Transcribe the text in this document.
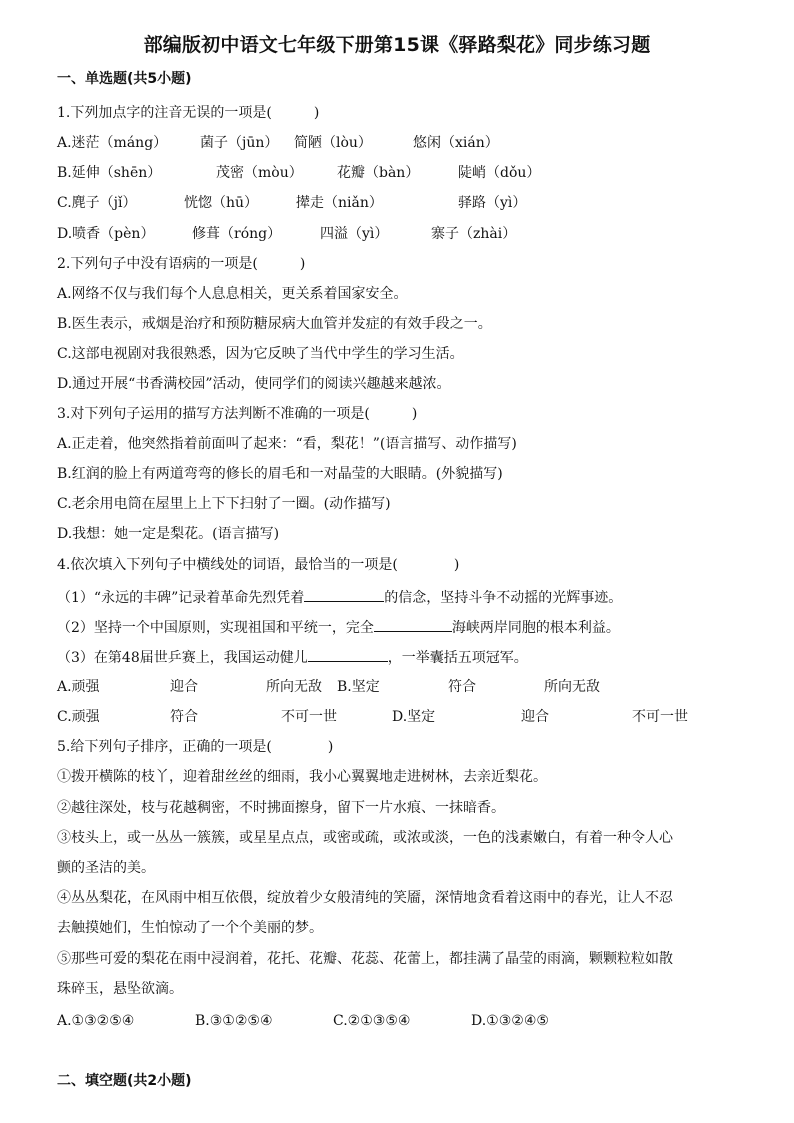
部编版初中语文七年级下册第15课《驿路梨花》同步练习题
一、单选题(共5小题)
1.下列加点字的注音无误的一项是(　　　)
A.迷茫（máng） 菌子（jūn） 简陋（lòu）	悠闲（xián）
B.延伸（shēn）	茂密（mòu） 花瓣（bàn）	陡峭（dǒu）
C.麂子（jǐ）	恍惚（hū）	撵走（niǎn）	驿路（yì）
D.喷香（pèn）	修葺（róng）	四溢（yì）	寨子（zhài）
2.下列句子中没有语病的一项是(　　　)
A.网络不仅与我们每个人息息相关，更关系着国家安全。
B.医生表示，戒烟是治疗和预防糖尿病大血管并发症的有效手段之一。
C.这部电视剧对我很熟悉，因为它反映了当代中学生的学习生活。
D.通过开展“书香满校园”活动，使同学们的阅读兴趣越来越浓。
3.对下列句子运用的描写方法判断不准确的一项是(　　　)
A.正走着，他突然指着前面叫了起来：“看，梨花！”(语言描写、动作描写)
B.红润的脸上有两道弯弯的修长的眉毛和一对晶莹的大眼睛。(外貌描写)
C.老余用电筒在屋里上上下下扫射了一圈。(动作描写)
D.我想：她一定是梨花。(语言描写)
4.依次填入下列句子中横线处的词语，最恰当的一项是(　　　　)
（1）“永远的丰碑”记录着革命先烈凭着	的信念，坚持斗争不动摇的光辉事迹。
（2）坚持一个中国原则，实现祖国和平统一，完全	海峡两岸同胞的根本利益。
（3）在第48届世乒赛上，我国运动健儿	，一举囊括五项冠军。
A.顽强	迎合	所向无敌 B.坚定	符合	所向无敌
C.顽强	符合	不可一世	D.坚定	迎合	不可一世
5.给下列句子排序，正确的一项是(　　　　)
①拨开横陈的枝丫，迎着甜丝丝的细雨，我小心翼翼地走进树林，去亲近梨花。
②越往深处，枝与花越稠密，不时拂面擦身，留下一片水痕、一抹暗香。
③枝头上，或一丛丛一簇簇，或星星点点，或密或疏，或浓或淡，一色的浅素嫩白，有着一种令人心
颤的圣洁的美。
④丛丛梨花，在风雨中相互依偎，绽放着少女般清纯的笑靥，深情地贪看着这雨中的春光，让人不忍
去触摸她们，生怕惊动了一个个美丽的梦。
⑤那些可爱的梨花在雨中浸润着，花托、花瓣、花蕊、花蕾上，都挂满了晶莹的雨滴，颗颗粒粒如散
珠碎玉，悬坠欲滴。
A.①③②⑤④	B.③①②⑤④	C.②①③⑤④	D.①③②④⑤
二、填空题(共2小题)
